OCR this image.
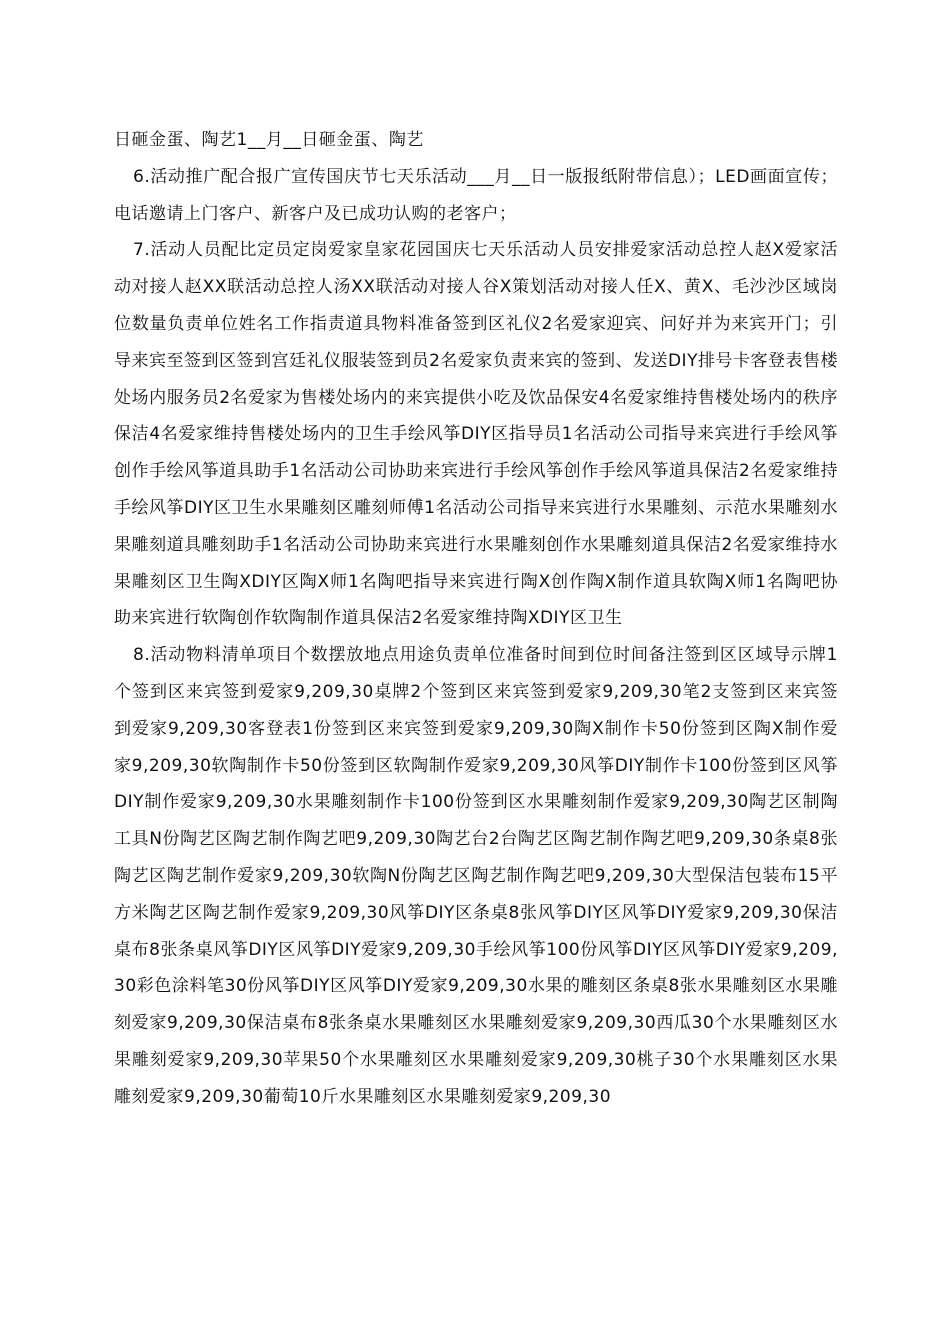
日砸金蛋、陶艺1__月__日砸金蛋、陶艺

6.活动推广配合报广宣传国庆节七天乐活动___月__日一版报纸附带信息）；LED画面宣传；电话邀请上门客户、新客户及已成功认购的老客户；

7.活动人员配比定员定岗爱家皇家花园国庆七天乐活动人员安排爱家活动总控人赵X爱家活动对接人赵XX联活动总控人汤XX联活动对接人谷X策划活动对接人任X、黄X、毛沙沙区域岗位数量负责单位姓名工作指责道具物料准备签到区礼仪2名爱家迎宾、问好并为来宾开门；引导来宾至签到区签到宫廷礼仪服装签到员2名爱家负责来宾的签到、发送DIY排号卡客登表售楼处场内服务员2名爱家为售楼处场内的来宾提供小吃及饮品保安4名爱家维持售楼处场内的秩序保洁4名爱家维持售楼处场内的卫生手绘风筝DIY区指导员1名活动公司指导来宾进行手绘风筝创作手绘风筝道具助手1名活动公司协助来宾进行手绘风筝创作手绘风筝道具保洁2名爱家维持手绘风筝DIY区卫生水果雕刻区雕刻师傅1名活动公司指导来宾进行水果雕刻、示范水果雕刻水果雕刻道具雕刻助手1名活动公司协助来宾进行水果雕刻创作水果雕刻道具保洁2名爱家维持水果雕刻区卫生陶XDIY区陶X师1名陶吧指导来宾进行陶X创作陶X制作道具软陶X师1名陶吧协助来宾进行软陶创作软陶制作道具保洁2名爱家维持陶XDIY区卫生

8.活动物料清单项目个数摆放地点用途负责单位准备时间到位时间备注签到区区域导示牌1个签到区来宾签到爱家9,209,30桌牌2个签到区来宾签到爱家9,209,30笔2支签到区来宾签到爱家9,209,30客登表1份签到区来宾签到爱家9,209,30陶X制作卡50份签到区陶X制作爱家9,209,30软陶制作卡50份签到区软陶制作爱家9,209,30风筝DIY制作卡100份签到区风筝DIY制作爱家9,209,30水果雕刻制作卡100份签到区水果雕刻制作爱家9,209,30陶艺区制陶工具N份陶艺区陶艺制作陶艺吧9,209,30陶艺台2台陶艺区陶艺制作陶艺吧9,209,30条桌8张陶艺区陶艺制作爱家9,209,30软陶N份陶艺区陶艺制作陶艺吧9,209,30大型保洁包装布15平方米陶艺区陶艺制作爱家9,209,30风筝DIY区条桌8张风筝DIY区风筝DIY爱家9,209,30保洁桌布8张条桌风筝DIY区风筝DIY爱家9,209,30手绘风筝100份风筝DIY区风筝DIY爱家9,209,30彩色涂料笔30份风筝DIY区风筝DIY爱家9,209,30水果的雕刻区条桌8张水果雕刻区水果雕刻爱家9,209,30保洁桌布8张条桌水果雕刻区水果雕刻爱家9,209,30西瓜30个水果雕刻区水果雕刻爱家9,209,30苹果50个水果雕刻区水果雕刻爱家9,209,30桃子30个水果雕刻区水果雕刻爱家9,209,30葡萄10斤水果雕刻区水果雕刻爱家9,209,30
